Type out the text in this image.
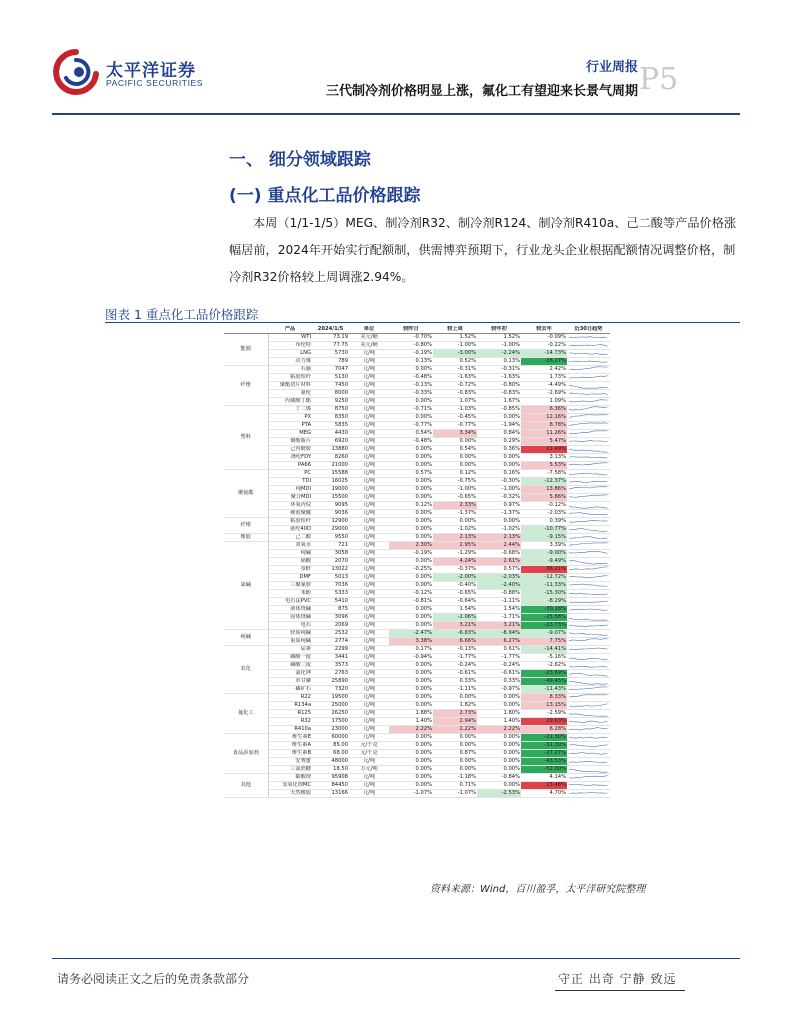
太平洋证券
PACIFIC SECURITIES
行业周报 P5
三代制冷剂价格明显上涨，氟化工有望迎来长景气周期
一、 细分领域跟踪
(一) 重点化工品价格跟踪

本周（1/1-1/5）MEG、制冷剂R32、制冷剂R124、制冷剂R410a、己二酸等产品价格涨幅居前，2024年开始实行配额制，供需博弈预期下，行业龙头企业根据配额情况调整价格，制冷剂R32价格较上周调涨2.94%。

图表 1 重点化工品价格跟踪
	产品	2024/1/5	单位	较昨日	较上周	较年初	较去年	近30日趋势
能源	WTI	73.19	美元/桶	-0.70%	1.52%	1.52%	-0.09%	

	布伦特	77.75	美元/桶	-0.80%	-1.00%	-1.00%	-0.22%	

	LNG	5730	元/吨	-0.19%	-3.00%	-2.24%	-14.73%	

	动力煤	789	元/吨	0.13%	0.52%	0.13%	-26.27%	

纤维	石脑	7047	元/吨	0.00%	-0.31%	-0.31%	2.42%	

	粘胶短纤	5130	元/吨	-0.48%	-1.63%	-1.63%	1.73%	

	聚酯切片材料	7450	元/吨	-0.13%	-0.72%	-0.80%	-4.49%	

	氨纶	8000	元/吨	-0.33%	-0.83%	-0.83%	-2.69%	

	丙烯酸丁酯	9250	元/吨	0.00%	1.07%	1.67%	1.09%	

塑料	丁二烯	8750	元/吨	-0.71%	-1.03%	-0.85%	6.36%	

	PX	8350	元/吨	0.00%	-0.45%	0.00%	12.16%	

	PTA	5835	元/吨	-0.77%	-0.77%	-1.94%	8.78%	

	MEG	4430	元/吨	0.54%	3.34%	0.84%	11.26%	

	聚酯瓶片	6920	元/吨	-0.48%	0.00%	0.29%	5.47%	

	己内酰胺	13880	元/吨	0.00%	0.54%	0.36%	21.49%	

	涤纶FDY	8260	元/吨	0.00%	0.00%	0.00%	3.13%	

	PA66	21000	元/吨	0.00%	0.00%	0.00%	5.53%	

聚氨酯	PC	15588	元/吨	0.57%	0.12%	0.16%	-7.58%	

	TDI	16025	元/吨	0.00%	-0.75%	-0.30%	-12.37%	

	纯MDI	19000	元/吨	0.00%	-1.00%	-1.00%	13.86%	

	聚合MDI	15500	元/吨	0.00%	-0.65%	-0.32%	5.86%	

	环氧丙烷	9095	元/吨	0.12%	2.33%	0.97%	-0.12%	

	硬泡聚醚	9036	元/吨	0.00%	-1.37%	-1.37%	-2.03%	

纤维	粘胶短纤	12900	元/吨	0.00%	0.00%	0.00%	0.39%	

	氨纶40D	29000	元/吨	0.00%	-1.02%	-1.02%	-10.77%	

橡胶	己二酸	9550	元/吨	0.00%	2.13%	2.13%	-9.15%	

氯碱	双氧水	721	元/吨	2.30%	2.95%	2.44%	3.39%	

	纯碱	3058	元/吨	-0.19%	-1.29%	-0.68%	-9.00%	

	硝酸	2070	元/吨	0.00%	4.24%	2.61%	-9.49%	

	萘酐	13022	元/吨	-0.25%	-0.37%	0.57%	36.21%	

	DMF	5013	元/吨	0.00%	-2.00%	-2.03%	-12.72%	

	三聚氰胺	7036	元/吨	0.00%	-0.40%	-2.40%	-11.33%	

	苯酚	5333	元/吨	-0.12%	-0.65%	-0.88%	-15.30%	

	电石法PVC	5410	元/吨	-0.81%	-0.64%	-1.11%	-8.29%	

	液体烧碱	875	元/吨	0.00%	1.54%	1.54%	-30.18%	

	固体烧碱	3096	元/吨	0.00%	-2.06%	-1.71%	-25.58%	

	电石	2069	元/吨	0.00%	3.21%	3.21%	-23.73%	

纯碱	轻质纯碱	2532	元/吨	-2.47%	-6.83%	-8.94%	-9.07%	

	重质纯碱	2774	元/吨	3.38%	6.66%	6.27%	7.75%	

农化	尿素	2299	元/吨	0.17%	-0.13%	0.61%	-14.41%	

	磷酸一铵	3441	元/吨	-0.94%	-1.77%	-1.77%	-5.16%	

	磷酸二铵	3573	元/吨	0.00%	-0.24%	-0.24%	-2.62%	

	氯化钾	2763	元/吨	0.00%	-0.61%	-0.61%	-23.69%	

	草甘膦	25890	元/吨	0.00%	0.33%	0.33%	-49.45%	

	磷矿石	7320	元/吨	0.00%	-1.11%	-0.97%	-11.43%	

氟化工	R22	19500	元/吨	0.00%	0.00%	0.00%	8.33%	

	R134a	25000	元/吨	0.00%	1.82%	0.00%	13.15%	

	R125	26250	元/吨	1.88%	2.73%	1.80%	-2.59%	

	R32	17500	元/吨	1.40%	2.94%	1.40%	29.63%	

	R410a	23000	元/吨	2.22%	2.22%	2.22%	6.28%	

食品添加剂	维生素E	60000	元/吨	0.00%	0.00%	0.00%	-21.30%	

	维生素A	85.00	元/千克	0.00%	0.00%	0.00%	-31.30%	

	维生素B	68.00	元/千克	0.00%	0.87%	0.00%	-27.27%	

	安赛蜜	48000	元/吨	0.00%	0.00%	0.00%	-43.53%	

	三氯蔗糖	18.50	万元/吨	0.00%	0.00%	0.00%	-52.00%	

其他	碳酸锂	95908	元/吨	0.00%	-1.18%	-0.84%	4.14%	

	氢氧化锂MC	84450	元/吨	0.00%	0.71%	0.00%	15.48%	

	天然橡胶	13166	元/吨	-1.07%	-1.07%	-2.53%	4.70%	
资料来源：Wind，百川盈孚，太平洋研究院整理
请务必阅读正文之后的免责条款部分	守正 出奇 宁静 致远
